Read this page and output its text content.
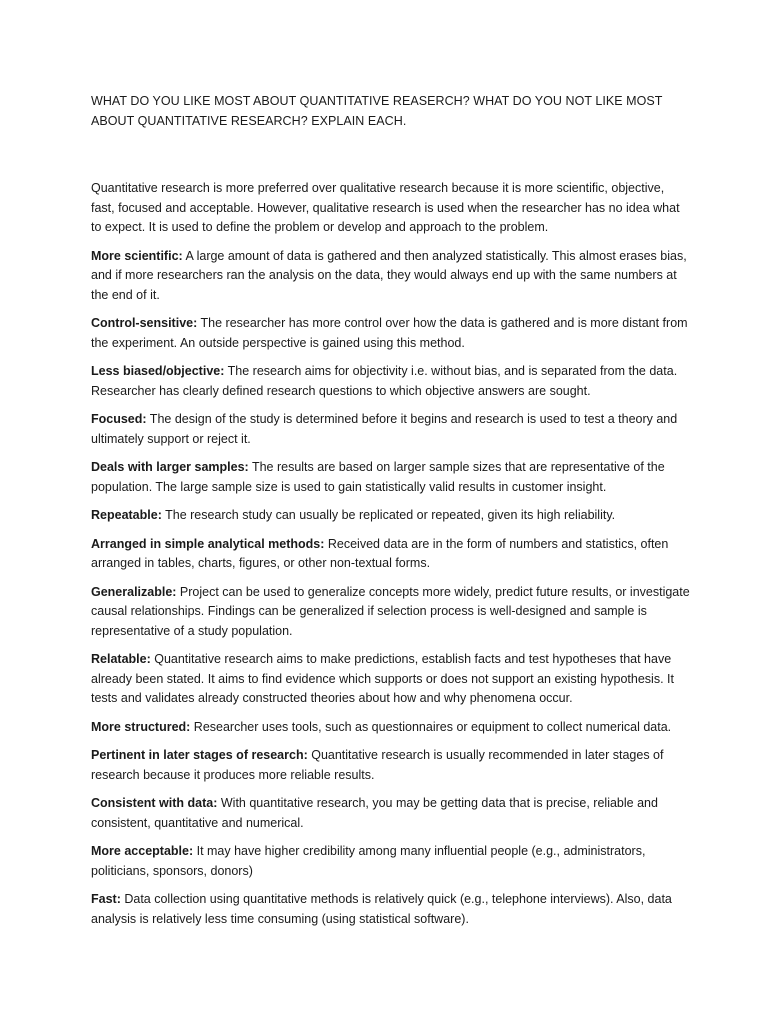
WHAT DO YOU LIKE MOST ABOUT QUANTITATIVE REASERCH? WHAT DO YOU NOT LIKE MOST ABOUT QUANTITATIVE RESEARCH? EXPLAIN EACH.

Quantitative research is more preferred over qualitative research because it is more scientific, objective, fast, focused and acceptable. However, qualitative research is used when the researcher has no idea what to expect. It is used to define the problem or develop and approach to the problem.

More scientific: A large amount of data is gathered and then analyzed statistically. This almost erases bias, and if more researchers ran the analysis on the data, they would always end up with the same numbers at the end of it.

Control-sensitive: The researcher has more control over how the data is gathered and is more distant from the experiment. An outside perspective is gained using this method.

Less biased/objective: The research aims for objectivity i.e. without bias, and is separated from the data. Researcher has clearly defined research questions to which objective answers are sought.

Focused: The design of the study is determined before it begins and research is used to test a theory and ultimately support or reject it.

Deals with larger samples: The results are based on larger sample sizes that are representative of the population. The large sample size is used to gain statistically valid results in customer insight.

Repeatable: The research study can usually be replicated or repeated, given its high reliability.

Arranged in simple analytical methods: Received data are in the form of numbers and statistics, often arranged in tables, charts, figures, or other non-textual forms.

Generalizable: Project can be used to generalize concepts more widely, predict future results, or investigate causal relationships. Findings can be generalized if selection process is well-designed and sample is representative of a study population.

Relatable: Quantitative research aims to make predictions, establish facts and test hypotheses that have already been stated. It aims to find evidence which supports or does not support an existing hypothesis. It tests and validates already constructed theories about how and why phenomena occur.

More structured: Researcher uses tools, such as questionnaires or equipment to collect numerical data.

Pertinent in later stages of research: Quantitative research is usually recommended in later stages of research because it produces more reliable results.

Consistent with data: With quantitative research, you may be getting data that is precise, reliable and consistent, quantitative and numerical.

More acceptable: It may have higher credibility among many influential people (e.g., administrators, politicians, sponsors, donors)

Fast: Data collection using quantitative methods is relatively quick (e.g., telephone interviews). Also, data analysis is relatively less time consuming (using statistical software).
